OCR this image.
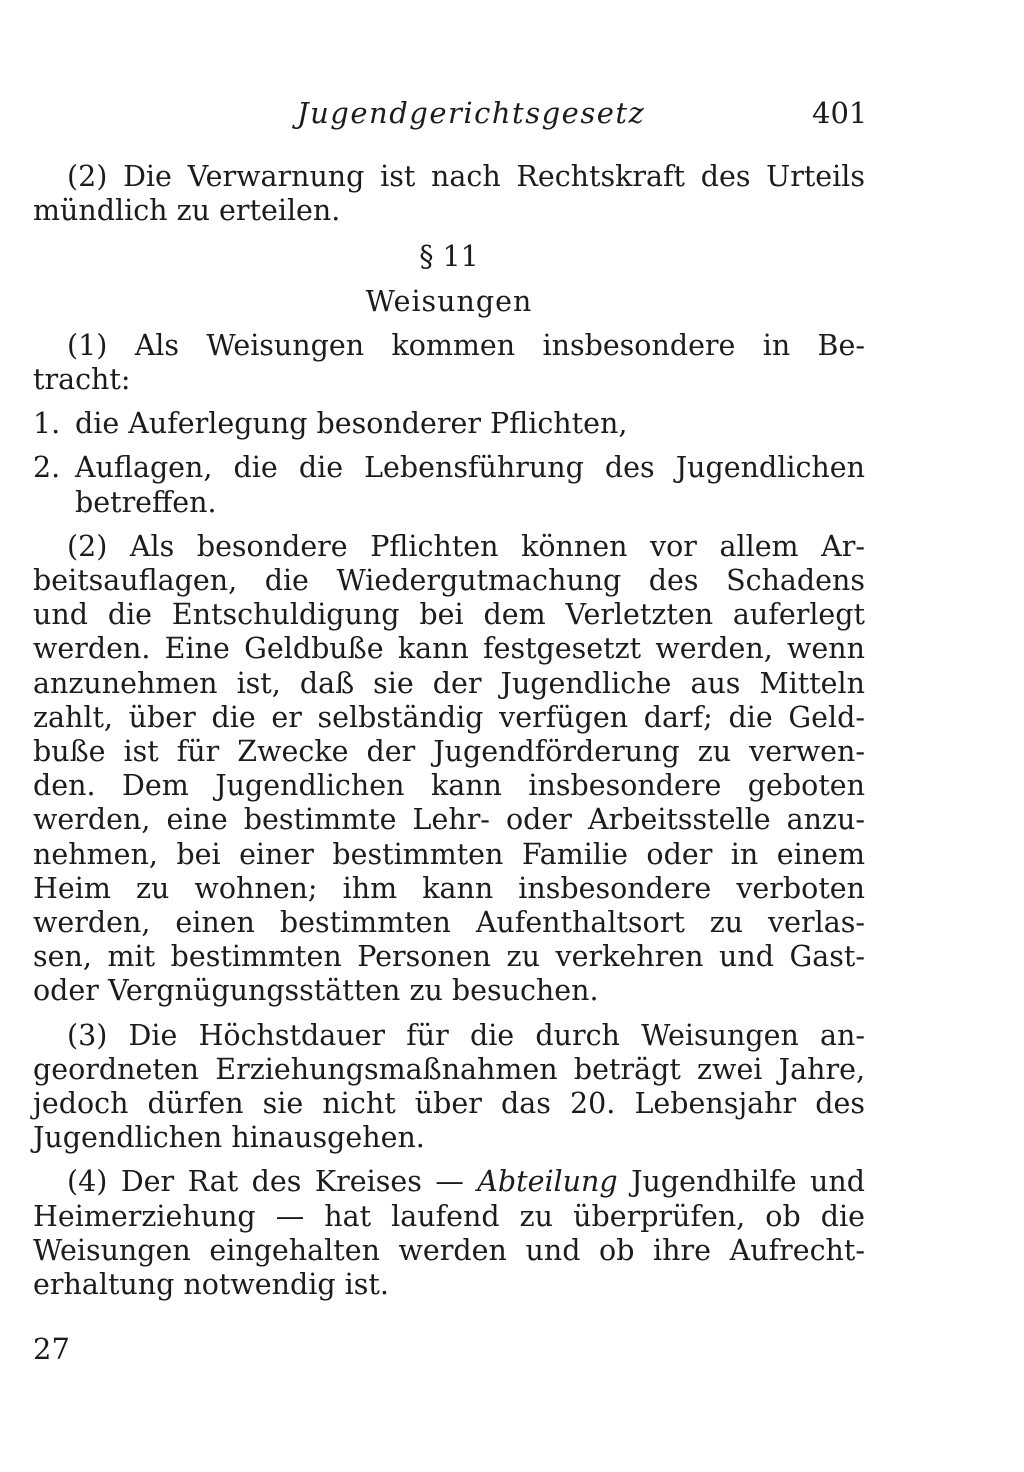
Jugendgerichtsgesetz	401
(2) Die Verwarnung ist nach Rechtskraft des Urteils
mündlich zu erteilen.
§ 11
Weisungen
(1) Als Weisungen kommen insbesondere in Be-
tracht:
1. die Auferlegung besonderer Pflichten,
2. Auflagen, die die Lebensführung des Jugendlichen
betreffen.
(2) Als besondere Pflichten können vor allem Ar-
beitsauflagen, die Wiedergutmachung des Schadens
und die Entschuldigung bei dem Verletzten auferlegt
werden. Eine Geldbuße kann festgesetzt werden, wenn
anzunehmen ist, daß sie der Jugendliche aus Mitteln
zahlt, über die er selbständig verfügen darf; die Geld-
buße ist für Zwecke der Jugendförderung zu verwen-
den. Dem Jugendlichen kann insbesondere geboten
werden, eine bestimmte Lehr- oder Arbeitsstelle anzu-
nehmen, bei einer bestimmten Familie oder in einem
Heim zu wohnen; ihm kann insbesondere verboten
werden, einen bestimmten Aufenthaltsort zu verlas-
sen, mit bestimmten Personen zu verkehren und Gast-
oder Vergnügungsstätten zu besuchen.
(3) Die Höchstdauer für die durch Weisungen an-
geordneten Erziehungsmaßnahmen beträgt zwei Jahre,
jedoch dürfen sie nicht über das 20. Lebensjahr des
Jugendlichen hinausgehen.
(4) Der Rat des Kreises — Abteilung Jugendhilfe und
Heimerziehung — hat laufend zu überprüfen, ob die
Weisungen eingehalten werden und ob ihre Aufrecht-
erhaltung notwendig ist.
27
